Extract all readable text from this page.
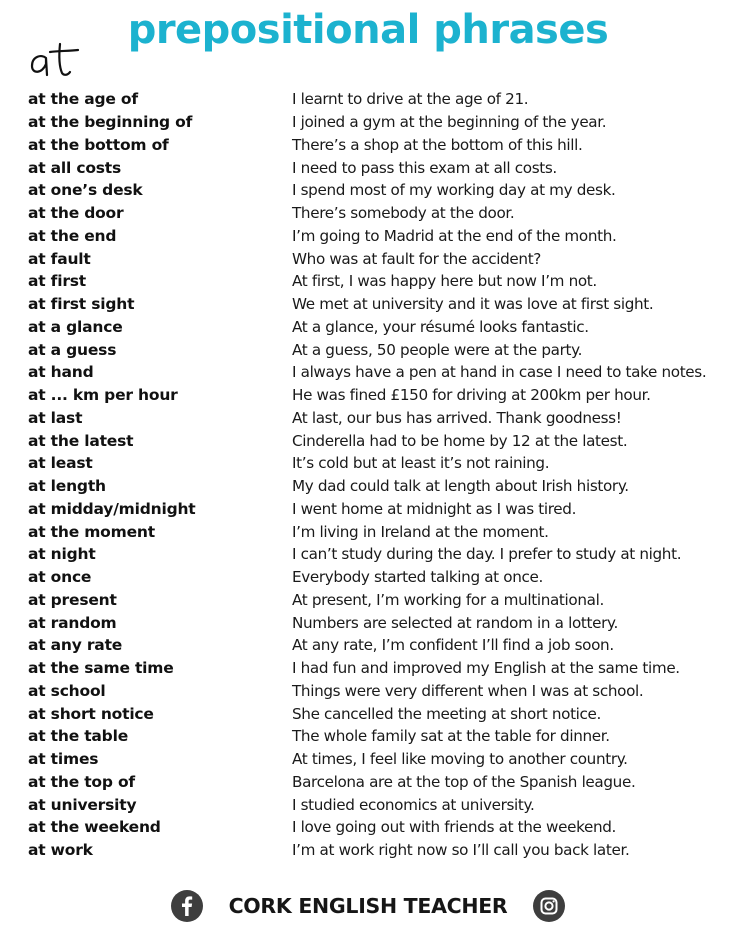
prepositional phrases
at the age of	I learnt to drive at the age of 21.
at the beginning of	I joined a gym at the beginning of the year.
at the bottom of	There’s a shop at the bottom of this hill.
at all costs	I need to pass this exam at all costs.
at one’s desk	I spend most of my working day at my desk.
at the door	There’s somebody at the door.
at the end	I’m going to Madrid at the end of the month.
at fault	Who was at fault for the accident?
at first	At first, I was happy here but now I’m not.
at first sight	We met at university and it was love at first sight.
at a glance	At a glance, your résumé looks fantastic.
at a guess	At a guess, 50 people were at the party.
at hand	I always have a pen at hand in case I need to take notes.
at ... km per hour	He was fined £150 for driving at 200km per hour.
at last	At last, our bus has arrived. Thank goodness!
at the latest	Cinderella had to be home by 12 at the latest.
at least	It’s cold but at least it’s not raining.
at length	My dad could talk at length about Irish history.
at midday/midnight	I went home at midnight as I was tired.
at the moment	I’m living in Ireland at the moment.
at night	I can’t study during the day. I prefer to study at night.
at once	Everybody started talking at once.
at present	At present, I’m working for a multinational.
at random	Numbers are selected at random in a lottery.
at any rate	At any rate, I’m confident I’ll find a job soon.
at the same time	I had fun and improved my English at the same time.
at school	Things were very different when I was at school.
at short notice	She cancelled the meeting at short notice.
at the table	The whole family sat at the table for dinner.
at times	At times, I feel like moving to another country.
at the top of	Barcelona are at the top of the Spanish league.
at university	I studied economics at university.
at the weekend	I love going out with friends at the weekend.
at work	I’m at work right now so I’ll call you back later.
CORK ENGLISH TEACHER
